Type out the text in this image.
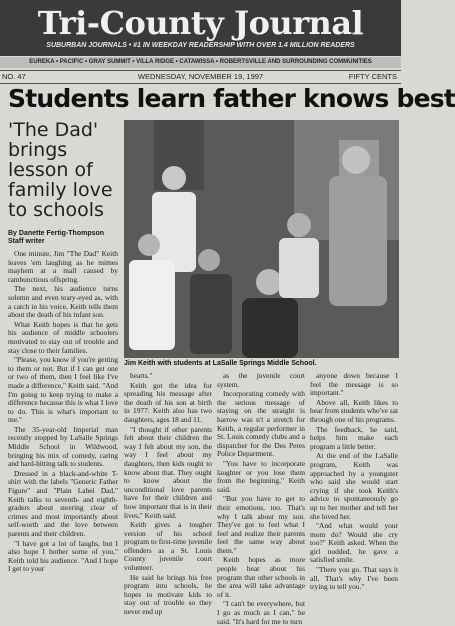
Tri-County Journal
SUBURBAN JOURNALS • #1 IN WEEKDAY READERSHIP WITH OVER 1.4 MILLION READERS
EUREKA • PACIFIC • GRAY SUMMIT • VILLA RIDGE • CATAWISSA • ROBERTSVILLE AND SURROUNDING COMMUNITIES
NO. 47	WEDNESDAY, NOVEMBER 19, 1997	FIFTY CENTS
Students learn father knows best
'The Dad' brings lesson of family love to schools
By Danette Fertig-Thompson
Staff writer

One minute, Jim "The Dad" Keith leaves 'em laughing as he mimes mayhem at a mall caused by rambunctious offspring.

The next, his audience turns solemn and even teary-eyed as, with a catch in his voice, Keith tells them about the death of his infant son.

What Keith hopes is that he gets his audience of middle schoolers motivated to stay out of trouble and stay close to their families.

"Please, you know if you're getting to them or not. But if I can get one or two of them, then I feel like I've made a difference," Keith said. "And I'm going to keep trying to make a difference because this is what I love to do. This is what's important to me."

The 35-year-old Imperial man recently stopped by LaSalle Springs Middle School in Wildwood, bringing his mix of comedy, caring and hard-hitting talk to students.

Dressed in a black-and-white T-shirt with the labels "Generic Father Figure" and "Plain Label Dad," Keith talks to seventh- and eighth-graders about steering clear of crimes and most importantly about self-worth and the love between parents and their children.

"I have got a lot of laughs, but I also hope I bother some of you," Keith told his audience. "And I hope I get to your

Jim Keith with students at LaSalle Springs Middle School.

hearts."

Keith got the idea for spreading his message after the death of his son at birth in 1977. Keith also has two daughters, ages 18 and 11.

"I thought if other parents felt about their children the way I felt about my son, the way I feel about my daughters, then kids ought to know about that. They ought to know about the unconditional love parents have for their children and how important that is in their lives," Keith said.

Keith gives a tougher version of his school program to first-time juvenile offenders as a St. Louis County juvenile court volunteer.

He said he brings his free program into schools, he hopes to motivate kids to stay out of trouble so they never end up

as the juvenile court system.

Incorporating comedy with the serious message of staying on the straight is harrow was n't a stretch for Keith, a regular performer in St. Louis comedy clubs and a dispatcher for the Des Peres Police Department.

"You have to incorporate laughter or you lose them from the beginning," Keith said.

"But you have to get to their emotions, too. That's why I talk about my son. They've got to feel what I feel and realize their parents feel the same way about them."

Keith hopes as more people hear about his program that other schools in the area will take advantage of it.

"I can't be everywhere, but I go as much as I can," he said. "It's hard for me to turn

anyone down because I feel the message is so important."

Above all, Keith likes to hear from students who've sat through one of his programs.

The feedback, he said, helps him make each program a little better.

At the end of the LaSalle program, Keith was approached by a youngster who said she would start crying if she took Keith's advice to spontaneously go up to her mother and tell her she loved her.

"And what would your mom do? Would she cry too?" Keith asked. When the girl nodded, he gave a satisfied smile.

"There you go. That says it all. That's why I've been trying to tell you."
